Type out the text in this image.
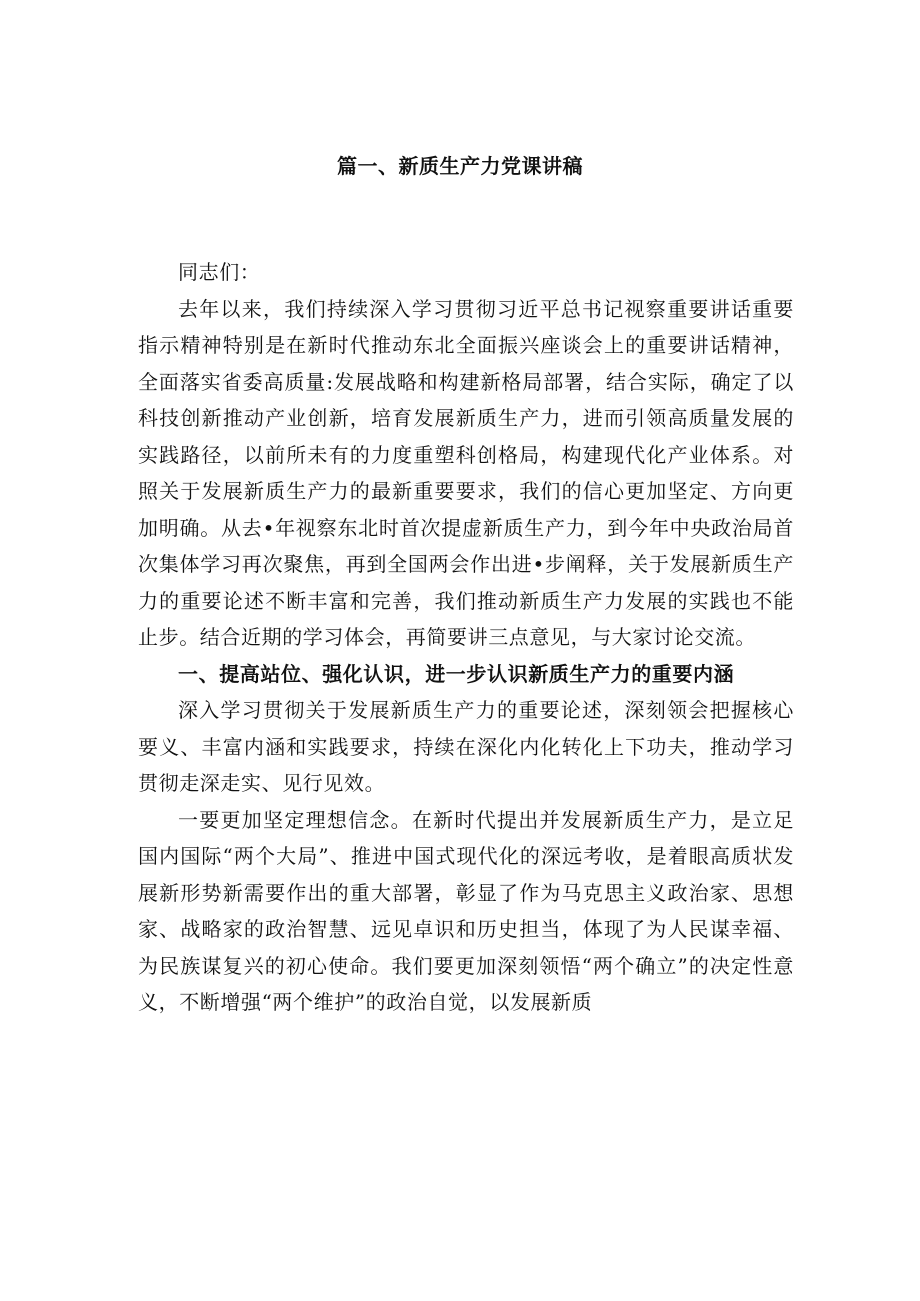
篇一、新质生产力党课讲稿

同志们：

去年以来，我们持续深入学习贯彻习近平总书记视察重要讲话重要指示精神特别是在新时代推动东北全面振兴座谈会上的重要讲话精神，全面落实省委高质量:发展战略和构建新格局部署，结合实际，确定了以科技创新推动产业创新，培育发展新质生产力，进而引领高质量发展的实践路径，以前所未有的力度重塑科创格局，构建现代化产业体系。对照关于发展新质生产力的最新重要要求，我们的信心更加坚定、方向更加明确。从去•年视察东北时首次提虚新质生产力，到今年中央政治局首次集体学习再次聚焦，再到全国两会作出进•步阐释，关于发展新质生产力的重要论述不断丰富和完善，我们推动新质生产力发展的实践也不能止步。结合近期的学习体会，再简要讲三点意见，与大家讨论交流。

一、提高站位、强化认识，进一步认识新质生产力的重要内涵

深入学习贯彻关于发展新质生产力的重要论述，深刻领会把握核心要义、丰富内涵和实践要求，持续在深化内化转化上下功夫，推动学习贯彻走深走实、见行见效。

一要更加坚定理想信念。在新时代提出并发展新质生产力，是立足国内国际“两个大局”、推进中国式现代化的深远考收，是着眼高质状发展新形势新需要作出的重大部署，彰显了作为马克思主义政治家、思想家、战略家的政治智慧、远见卓识和历史担当，体现了为人民谋幸福、为民族谋复兴的初心使命。我们要更加深刻领悟“两个确立”的决定性意义，不断增强“两个维护”的政治自觉，以发展新质
